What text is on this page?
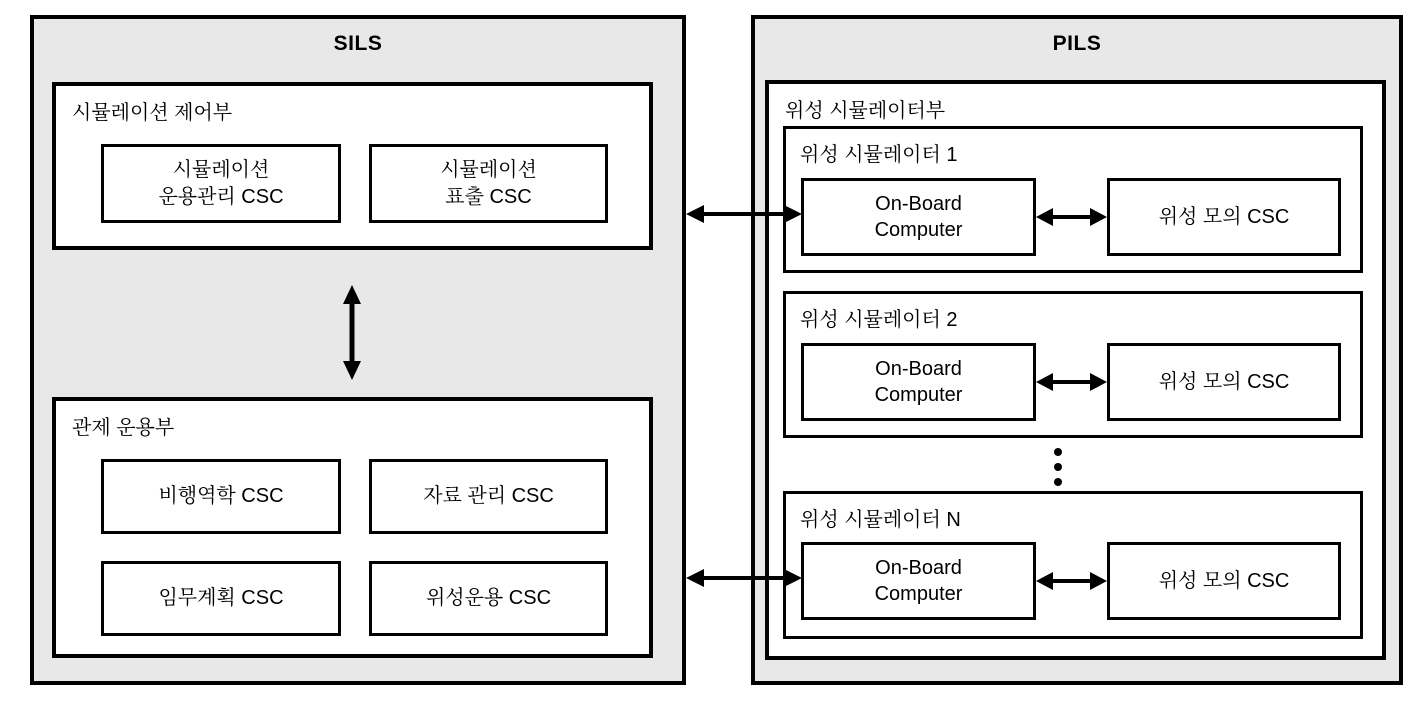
SILS
시뮬레이션 제어부
시뮬레이션
운용관리 CSC
시뮬레이션
표출 CSC
관제 운용부
비행역학 CSC	자료 관리 CSC
임무계획 CSC	위성운용 CSC
PILS
위성 시뮬레이터부
위성 시뮬레이터 1
On-Board
Computer
위성 모의 CSC
위성 시뮬레이터 2
On-Board
Computer
위성 모의 CSC
위성 시뮬레이터 N
On-Board
Computer
위성 모의 CSC
